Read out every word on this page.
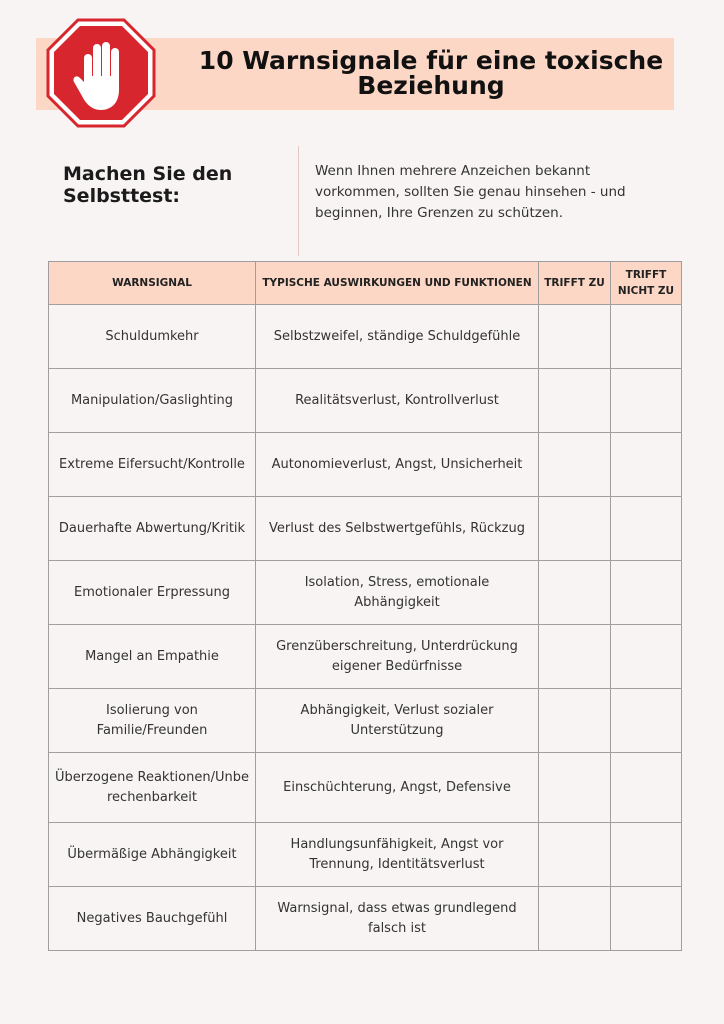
10 Warnsignale für eine toxische Beziehung
Machen Sie den Selbsttest:
Wenn Ihnen mehrere Anzeichen bekannt vorkommen, sollten Sie genau hinsehen - und beginnen, Ihre Grenzen zu schützen.
WARNSIGNAL	TYPISCHE AUSWIRKUNGEN UND FUNKTIONEN	TRIFFT ZU	TRIFFT NICHT ZU
Schuldumkehr	Selbstzweifel, ständige Schuldgefühle		
Manipulation/Gaslighting	Realitätsverlust, Kontrollverlust		
Extreme Eifersucht/Kontrolle	Autonomieverlust, Angst, Unsicherheit		
Dauerhafte Abwertung/Kritik	Verlust des Selbstwertgefühls, Rückzug		
Emotionaler Erpressung	Isolation, Stress, emotionale Abhängigkeit		
Mangel an Empathie	Grenzüberschreitung, Unterdrückung eigener Bedürfnisse		
Isolierung von Familie/Freunden	Abhängigkeit, Verlust sozialer Unterstützung		
Überzogene Reaktionen/Unberechenbarkeit	Einschüchterung, Angst, Defensive		
Übermäßige Abhängigkeit	Handlungsunfähigkeit, Angst vor Trennung, Identitätsverlust		
Negatives Bauchgefühl	Warnsignal, dass etwas grundlegend falsch ist		
